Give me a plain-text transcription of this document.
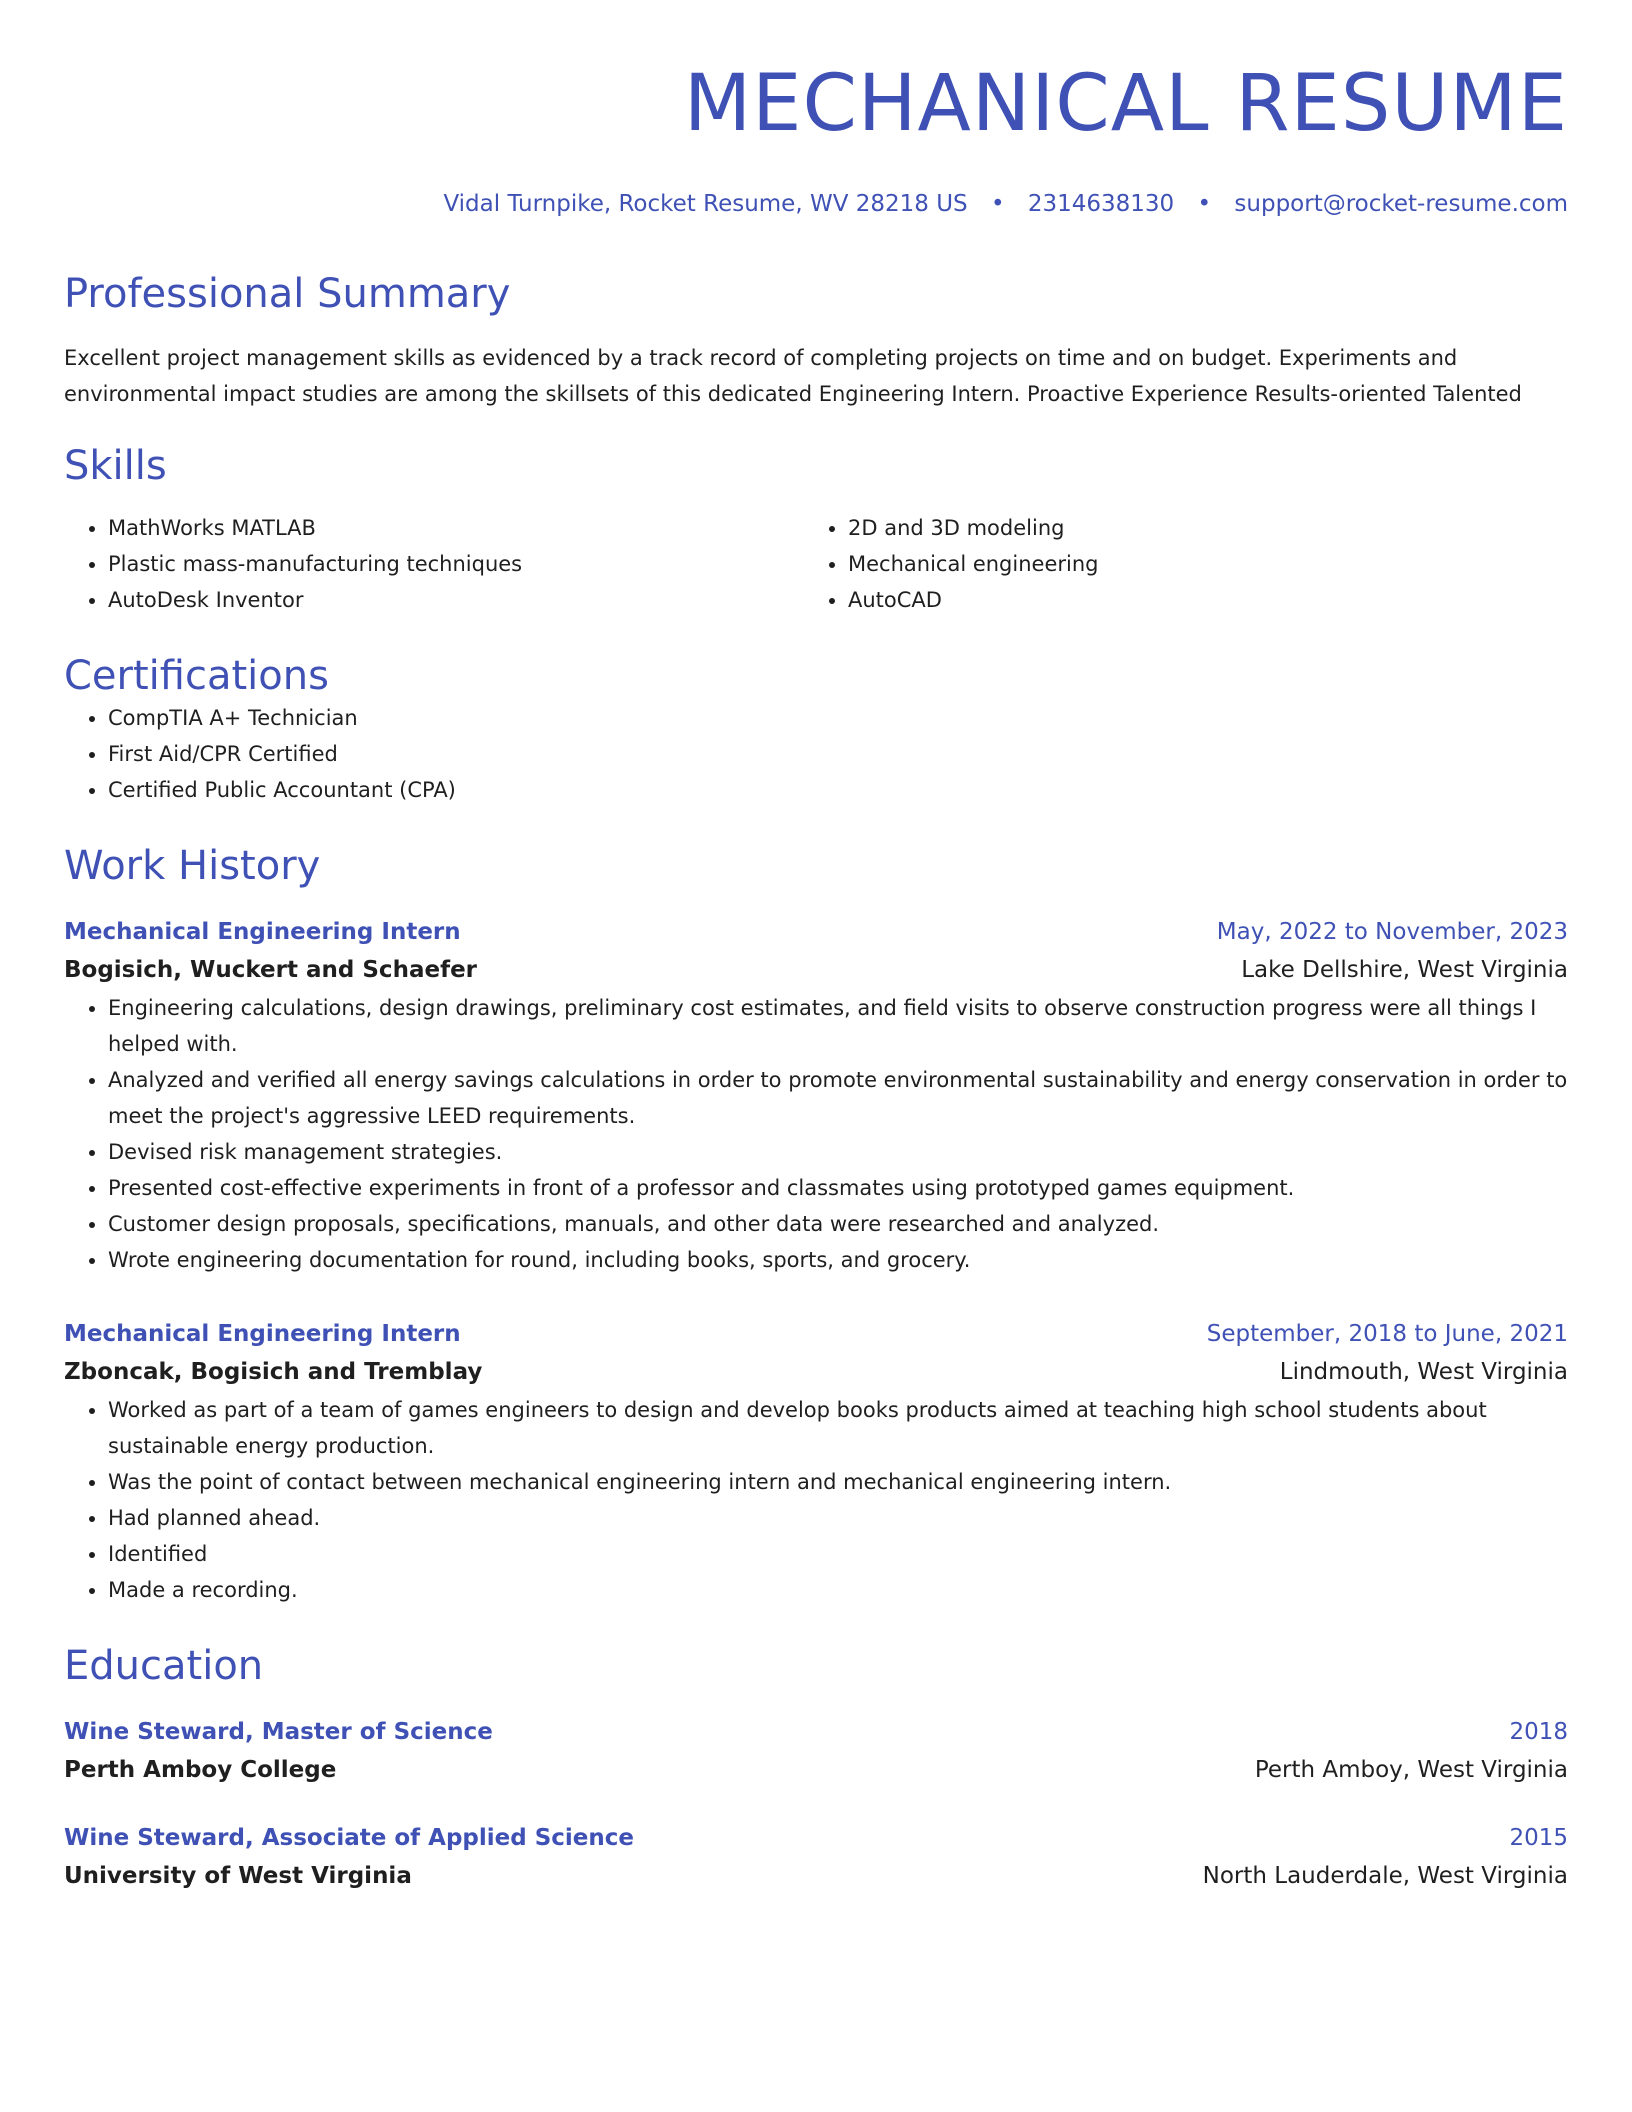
MECHANICAL RESUME
Vidal Turnpike, Rocket Resume, WV 28218 US • 2314638130 • support@rocket-resume.com
Professional Summary

Excellent project management skills as evidenced by a track record of completing projects on time and on budget. Experiments and environmental impact studies are among the skillsets of this dedicated Engineering Intern. Proactive Experience Results-oriented Talented

Skills
• MathWorks MATLAB
• Plastic mass-manufacturing techniques
• AutoDesk Inventor
• 2D and 3D modeling
• Mechanical engineering
• AutoCAD
Certifications
• CompTIA A+ Technician
• First Aid/CPR Certified
• Certified Public Accountant (CPA)
Work History
Mechanical Engineering Intern	May, 2022 to November, 2023
Bogisich, Wuckert and Schaefer	Lake Dellshire, West Virginia
• Engineering calculations, design drawings, preliminary cost estimates, and field visits to observe construction progress were all things I helped with.
• Analyzed and verified all energy savings calculations in order to promote environmental sustainability and energy conservation in order to meet the project's aggressive LEED requirements.
• Devised risk management strategies.
• Presented cost-effective experiments in front of a professor and classmates using prototyped games equipment.
• Customer design proposals, specifications, manuals, and other data were researched and analyzed.
• Wrote engineering documentation for round, including books, sports, and grocery.
Mechanical Engineering Intern	September, 2018 to June, 2021
Zboncak, Bogisich and Tremblay	Lindmouth, West Virginia
• Worked as part of a team of games engineers to design and develop books products aimed at teaching high school students about sustainable energy production.
• Was the point of contact between mechanical engineering intern and mechanical engineering intern.
• Had planned ahead.
• Identified
• Made a recording.
Education
Wine Steward, Master of Science	2018
Perth Amboy College	Perth Amboy, West Virginia
Wine Steward, Associate of Applied Science	2015
University of West Virginia	North Lauderdale, West Virginia
